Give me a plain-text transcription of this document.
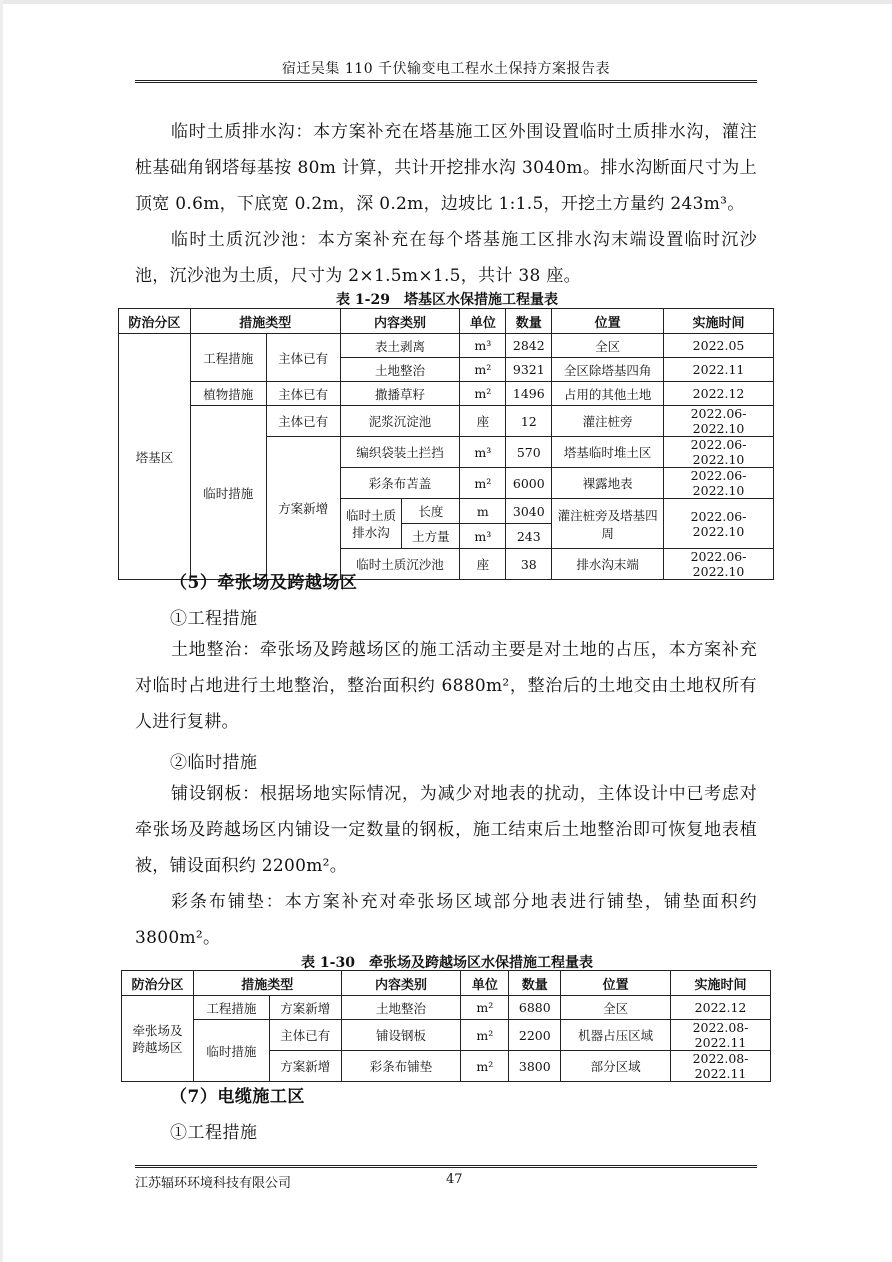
宿迁吴集 110 千伏输变电工程水土保持方案报告表
临时土质排水沟：本方案补充在塔基施工区外围设置临时土质排水沟，灌注桩基础角钢塔每基按 80m 计算，共计开挖排水沟 3040m。排水沟断面尺寸为上顶宽 0.6m，下底宽 0.2m，深 0.2m，边坡比 1:1.5，开挖土方量约 243m³。
临时土质沉沙池：本方案补充在每个塔基施工区排水沟末端设置临时沉沙池，沉沙池为土质，尺寸为 2×1.5m×1.5，共计 38 座。
表 1-29　塔基区水保措施工程量表
防治分区	措施类型		内容类别		单位	数量	位置	实施时间
塔基区	工程措施	主体已有	表土剥离		m³	2842	全区	2022.05
			土地整治		m²	9321	全区除塔基四角	2022.11
	植物措施	主体已有	撒播草籽		m²	1496	占用的其他土地	2022.12
	临时措施	主体已有	泥浆沉淀池		座	12	灌注桩旁	2022.06-2022.10
		方案新增	编织袋装土拦挡		m³	570	塔基临时堆土区	2022.06-2022.10
			彩条布苫盖		m²	6000	裸露地表	2022.06-2022.10
			临时土质排水沟	长度	m	3040	灌注桩旁及塔基四周	2022.06-2022.10
				土方量	m³	243		
			临时土质沉沙池		座	38	排水沟末端	2022.06-2022.10
（5）牵张场及跨越场区
①工程措施
土地整治：牵张场及跨越场区的施工活动主要是对土地的占压，本方案补充对临时占地进行土地整治，整治面积约 6880m²，整治后的土地交由土地权所有人进行复耕。
②临时措施
铺设钢板：根据场地实际情况，为减少对地表的扰动，主体设计中已考虑对牵张场及跨越场区内铺设一定数量的钢板，施工结束后土地整治即可恢复地表植被，铺设面积约 2200m²。
彩条布铺垫：本方案补充对牵张场区域部分地表进行铺垫，铺垫面积约 3800m²。
表 1-30　牵张场及跨越场区水保措施工程量表
防治分区	措施类型		内容类别	单位	数量	位置	实施时间
牵张场及跨越场区	工程措施	方案新增	土地整治	m²	6880	全区	2022.12
	临时措施	主体已有	铺设钢板	m²	2200	机器占压区域	2022.08-2022.11
		方案新增	彩条布铺垫	m²	3800	部分区域	2022.08-2022.11
（7）电缆施工区
①工程措施
江苏辐环环境科技有限公司	47
